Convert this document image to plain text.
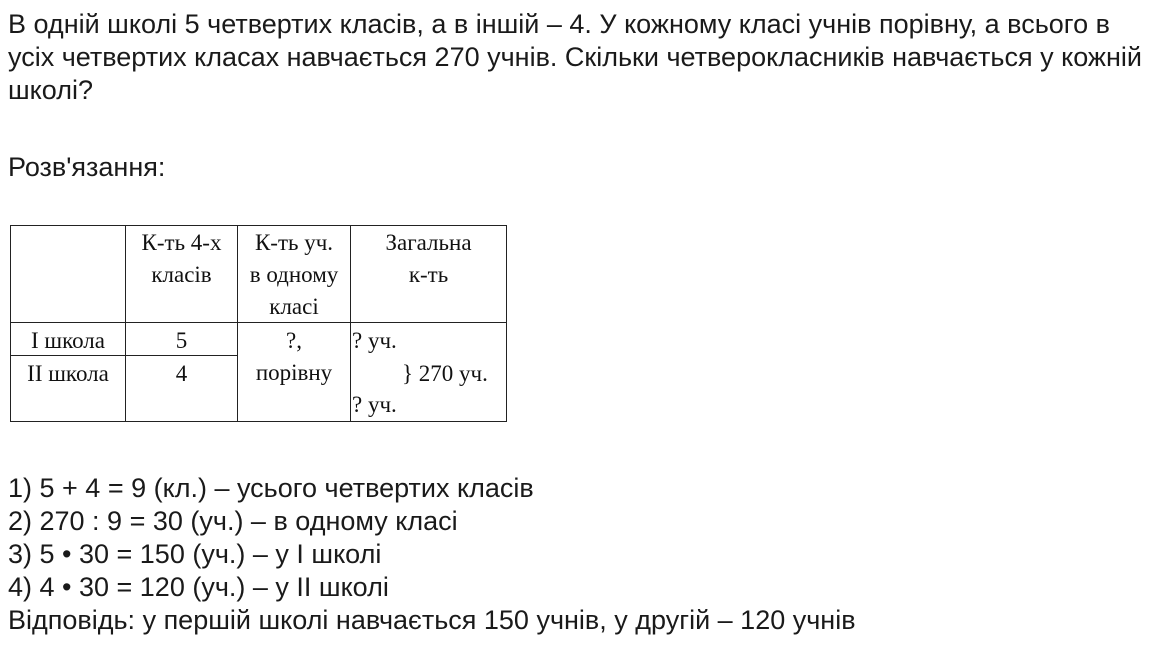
В одній школі 5 четвертих класів, а в іншій – 4. У кожному класі учнів порівну, а всього в усіх четвертих класах навчається 270 учнів. Скільки четверокласників навчається у кожній школі?

Розв'язання:

К-ть 4-х
класів
К-ть уч.
в одному
класі
Загальна
к-ть
I школа
II школа
5
4
?,
порівну
? уч.
} 270 уч.
? уч.
1) 5 + 4 = 9 (кл.) – усього четвертих класів
2) 270 : 9 = 30 (уч.) – в одному класі
3) 5 • 30 = 150 (уч.) – у I школі
4) 4 • 30 = 120 (уч.) – у II школі
Відповідь: у першій школі навчається 150 учнів, у другій – 120 учнів
